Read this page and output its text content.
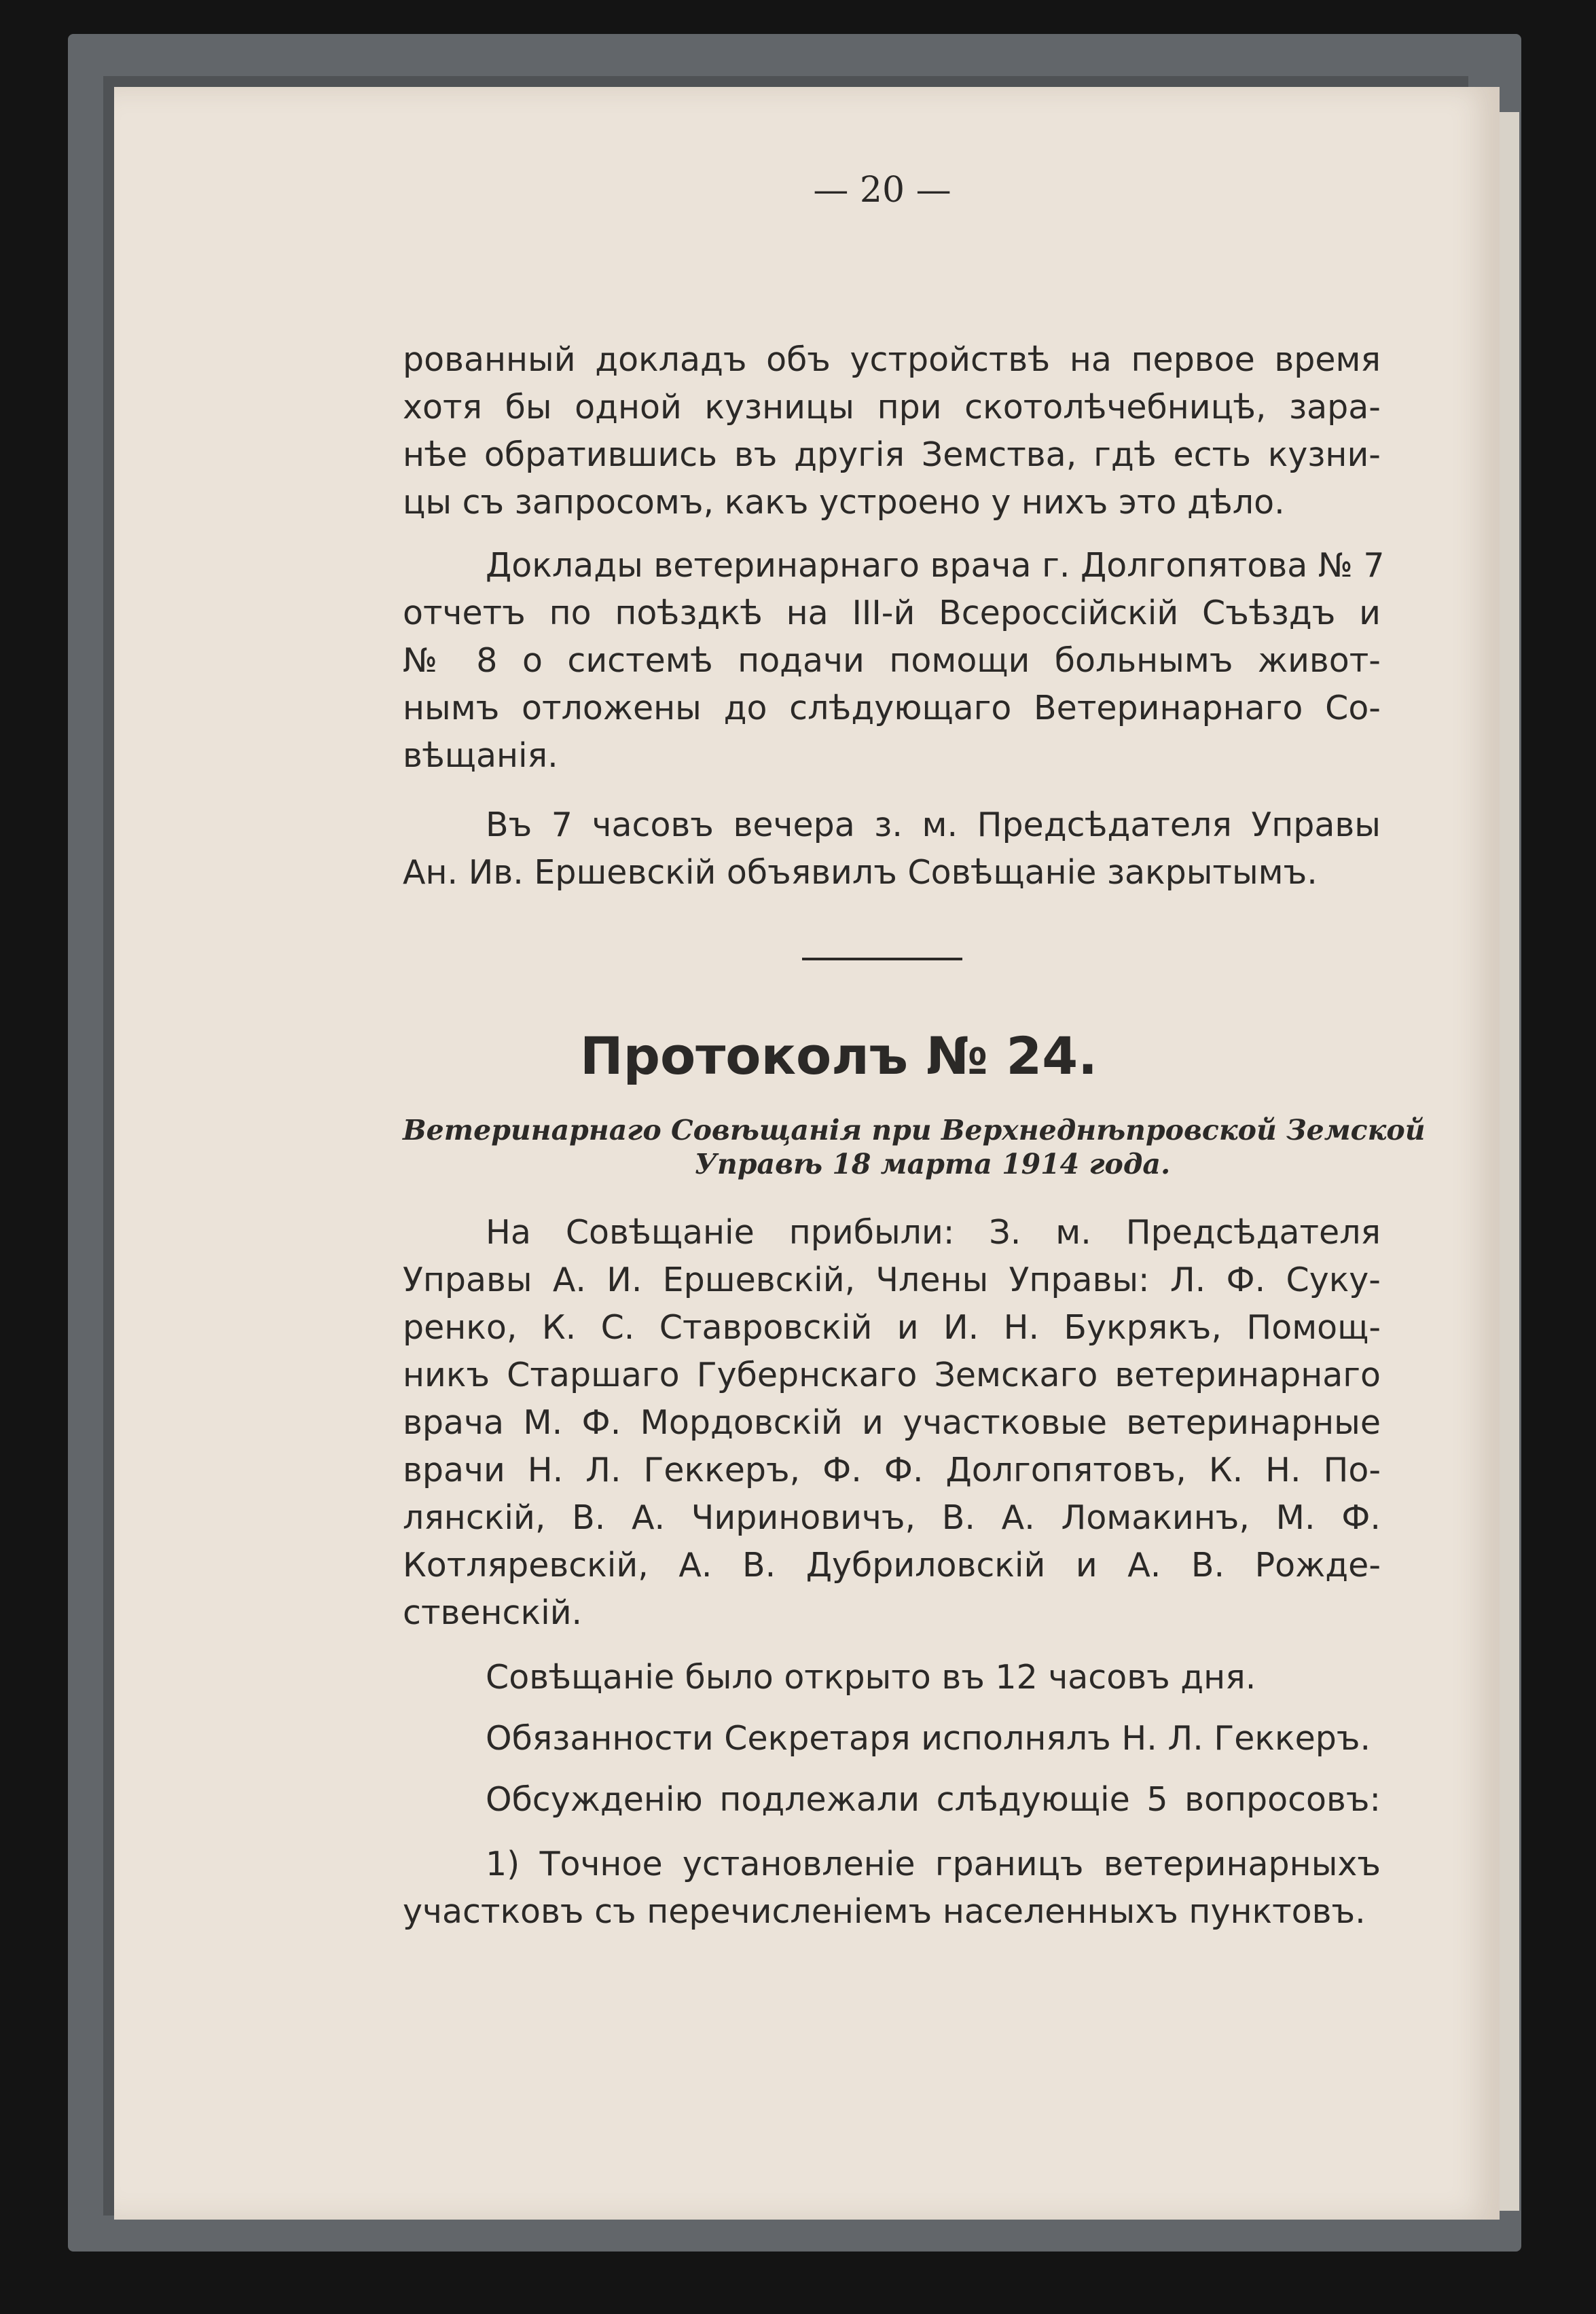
— 20 —
рованный докладъ объ устройствѣ на первое время
хотя бы одной кузницы при скотолѣчебницѣ, зара-
нѣе обратившись въ другія Земства, гдѣ есть кузни-
цы съ запросомъ, какъ устроено у нихъ это дѣло.
Доклады ветеринарнаго врача г. Долгопятова № 7
отчетъ по поѣздкѣ на III-й Всероссійскій Съѣздъ и
№ 8 о системѣ подачи помощи больнымъ живот-
нымъ отложены до слѣдующаго Ветеринарнаго Со-
вѣщанія.
Въ 7 часовъ вечера з. м. Предсѣдателя Управы
Ан. Ив. Ершевскій объявилъ Совѣщаніе закрытымъ.
Протоколъ № 24.
Ветеринарнаго Совѣщанія при Верхнеднѣпровской Земской
Управѣ 18 марта 1914 года.
На Совѣщаніе прибыли: З. м. Предсѣдателя
Управы А. И. Ершевскій, Члены Управы: Л. Ф. Суку-
ренко, К. С. Ставровскій и И. Н. Букрякъ, Помощ-
никъ Старшаго Губернскаго Земскаго ветеринарнаго
врача М. Ф. Мордовскій и участковые ветеринарные
врачи Н. Л. Геккеръ, Ф. Ф. Долгопятовъ, К. Н. По-
лянскій, В. А. Чириновичъ, В. А. Ломакинъ, М. Ф.
Котляревскій, А. В. Дубриловскій и А. В. Рожде-
ственскій.
Совѣщаніе было открыто въ 12 часовъ дня.
Обязанности Секретаря исполнялъ Н. Л. Геккеръ.
Обсужденію подлежали слѣдующіе 5 вопросовъ:
1) Точное установленіе границъ ветеринарныхъ
участковъ съ перечисленіемъ населенныхъ пунктовъ.
